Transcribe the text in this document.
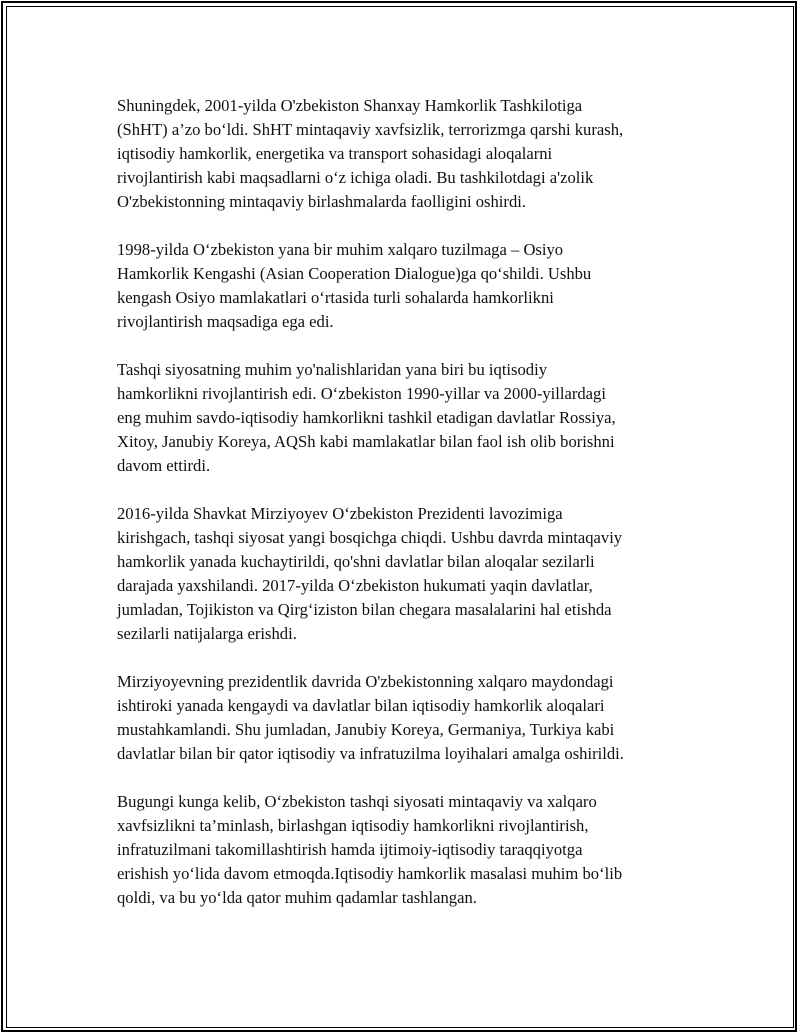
Shuningdek, 2001-yilda O'zbekiston Shanxay Hamkorlik Tashkilotiga
(ShHT) a’zo bo‘ldi. ShHT mintaqaviy xavfsizlik, terrorizmga qarshi kurash,
iqtisodiy hamkorlik, energetika va transport sohasidagi aloqalarni
rivojlantirish kabi maqsadlarni o‘z ichiga oladi. Bu tashkilotdagi a'zolik
O'zbekistonning mintaqaviy birlashmalarda faolligini oshirdi.

1998-yilda O‘zbekiston yana bir muhim xalqaro tuzilmaga – Osiyo
Hamkorlik Kengashi (Asian Cooperation Dialogue)ga qo‘shildi. Ushbu
kengash Osiyo mamlakatlari o‘rtasida turli sohalarda hamkorlikni
rivojlantirish maqsadiga ega edi.

Tashqi siyosatning muhim yo'nalishlaridan yana biri bu iqtisodiy
hamkorlikni rivojlantirish edi. O‘zbekiston 1990-yillar va 2000-yillardagi
eng muhim savdo-iqtisodiy hamkorlikni tashkil etadigan davlatlar Rossiya,
Xitoy, Janubiy Koreya, AQSh kabi mamlakatlar bilan faol ish olib borishni
davom ettirdi.

2016-yilda Shavkat Mirziyoyev O‘zbekiston Prezidenti lavozimiga
kirishgach, tashqi siyosat yangi bosqichga chiqdi. Ushbu davrda mintaqaviy
hamkorlik yanada kuchaytirildi, qo'shni davlatlar bilan aloqalar sezilarli
darajada yaxshilandi. 2017-yilda O‘zbekiston hukumati yaqin davlatlar,
jumladan, Tojikiston va Qirg‘iziston bilan chegara masalalarini hal etishda
sezilarli natijalarga erishdi.

Mirziyoyevning prezidentlik davrida O'zbekistonning xalqaro maydondagi
ishtiroki yanada kengaydi va davlatlar bilan iqtisodiy hamkorlik aloqalari
mustahkamlandi. Shu jumladan, Janubiy Koreya, Germaniya, Turkiya kabi
davlatlar bilan bir qator iqtisodiy va infratuzilma loyihalari amalga oshirildi.

Bugungi kunga kelib, O‘zbekiston tashqi siyosati mintaqaviy va xalqaro
xavfsizlikni ta’minlash, birlashgan iqtisodiy hamkorlikni rivojlantirish,
infratuzilmani takomillashtirish hamda ijtimoiy-iqtisodiy taraqqiyotga
erishish yo‘lida davom etmoqda.Iqtisodiy hamkorlik masalasi muhim bo‘lib
qoldi, va bu yo‘lda qator muhim qadamlar tashlangan.
